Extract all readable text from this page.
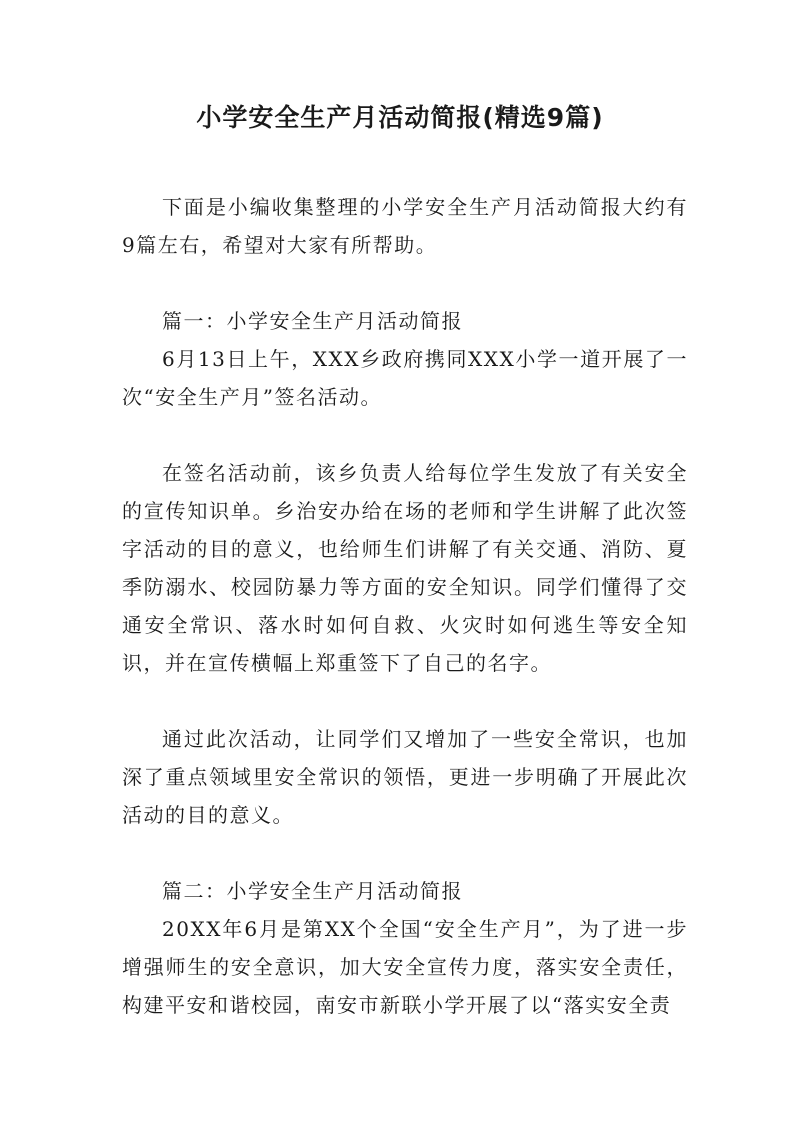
小学安全生产月活动简报(精选9篇)

下面是小编收集整理的小学安全生产月活动简报大约有9篇左右，希望对大家有所帮助。

篇一：小学安全生产月活动简报

6月13日上午，XXX乡政府携同XXX小学一道开展了一次“安全生产月”签名活动。

在签名活动前，该乡负责人给每位学生发放了有关安全的宣传知识单。乡治安办给在场的老师和学生讲解了此次签字活动的目的意义，也给师生们讲解了有关交通、消防、夏季防溺水、校园防暴力等方面的安全知识。同学们懂得了交通安全常识、落水时如何自救、火灾时如何逃生等安全知识，并在宣传横幅上郑重签下了自己的名字。

通过此次活动，让同学们又增加了一些安全常识，也加深了重点领域里安全常识的领悟，更进一步明确了开展此次活动的目的意义。

篇二：小学安全生产月活动简报

20XX年6月是第XX个全国“安全生产月”，为了进一步增强师生的安全意识，加大安全宣传力度，落实安全责任，构建平安和谐校园，南安市新联小学开展了以“落实安全责
